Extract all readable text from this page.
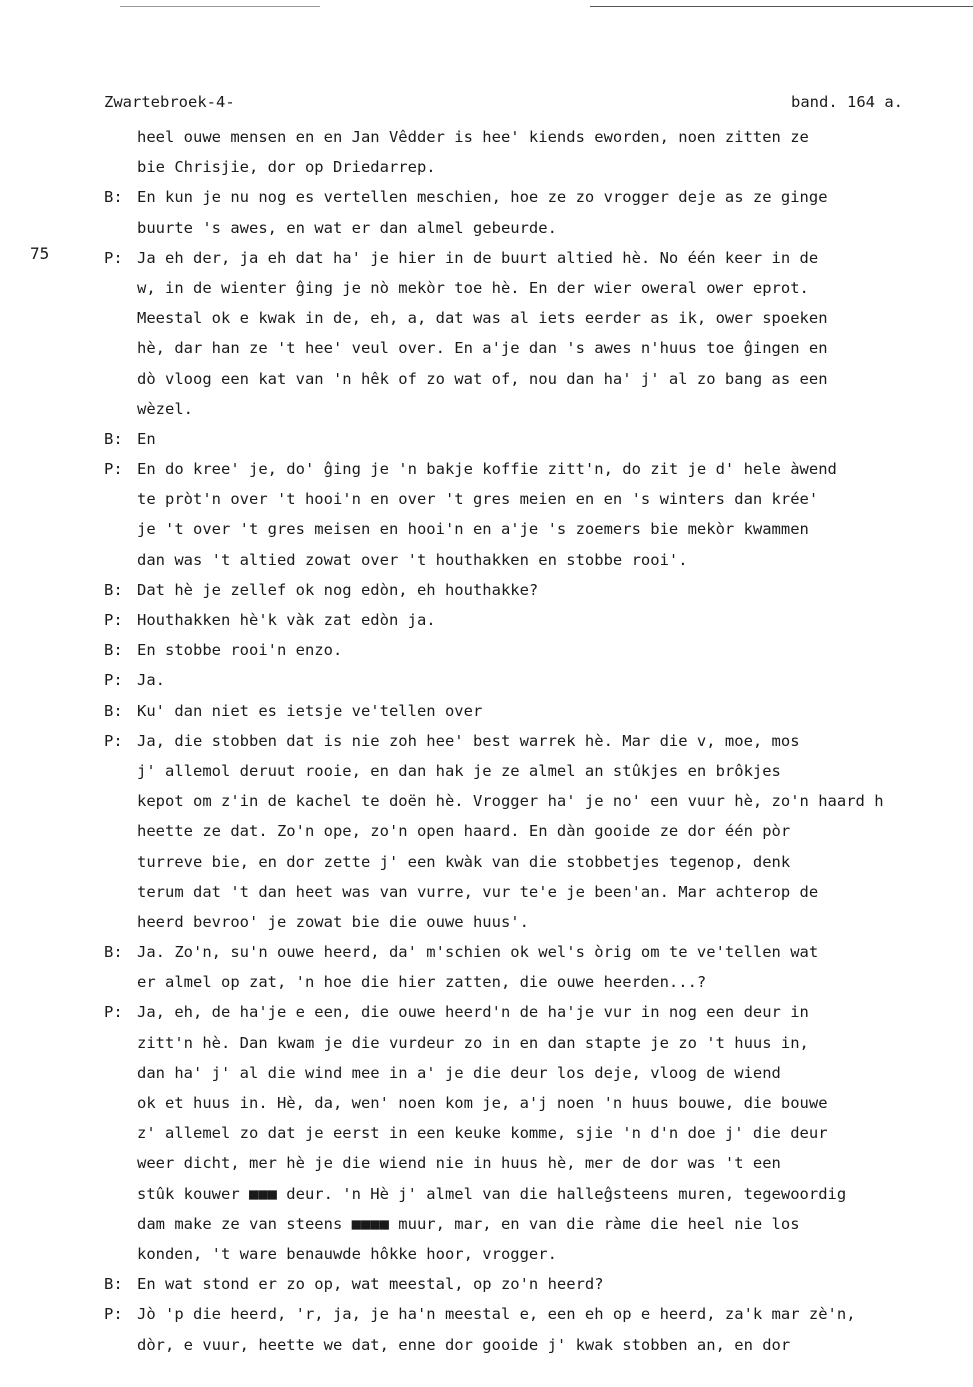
Zwartebroek-4-	band. 164 a.
75
heel ouwe mensen en en Jan Vêdder is hee' kiends eworden, noen zitten ze
bie Chrisjie, dor op Driedarrep.
B: En kun je nu nog es vertellen meschien, hoe ze zo vrogger deje as ze ginge
buurte 's awes, en wat er dan almel gebeurde.
P: Ja eh der, ja eh dat ha' je hier in de buurt altied hè. No één keer in de
w, in de wienter ĝing je nò mekòr toe hè. En der wier oweral ower eprot.
Meestal ok e kwak in de, eh, a, dat was al iets eerder as ik, ower spoeken
hè, dar han ze 't hee' veul over. En a'je dan 's awes n'huus toe ĝingen en
dò vloog een kat van 'n hêk of zo wat of, nou dan ha' j' al zo bang as een
wèzel.
B: En
P: En do kree' je, do' ĝing je 'n bakje koffie zitt'n, do zit je d' hele àwend
te pròt'n over 't hooi'n en over 't gres meien en en 's winters dan krée'
je 't over 't gres meisen en hooi'n en a'je 's zoemers bie mekòr kwammen
dan was 't altied zowat over 't houthakken en stobbe rooi'.
B: Dat hè je zellef ok nog edòn, eh houthakke?
P: Houthakken hè'k vàk zat edòn ja.
B: En stobbe rooi'n enzo.
P: Ja.
B: Ku' dan niet es ietsje ve'tellen over
P: Ja, die stobben dat is nie zoh hee' best warrek hè. Mar die v, moe, mos
j' allemol deruut rooie, en dan hak je ze almel an stûkjes en brôkjes
kepot om z'in de kachel te doën hè. Vrogger ha' je no' een vuur hè, zo'n haard h
heette ze dat. Zo'n ope, zo'n open haard. En dàn gooide ze dor één pòr
turreve bie, en dor zette j' een kwàk van die stobbetjes tegenop, denk
terum dat 't dan heet was van vurre, vur te'e je been'an. Mar achterop de
heerd bevroo' je zowat bie die ouwe huus'.
B: Ja. Zo'n, su'n ouwe heerd, da' m'schien ok wel's òrig om te ve'tellen wat
er almel op zat, 'n hoe die hier zatten, die ouwe heerden...?
P: Ja, eh, de ha'je e een, die ouwe heerd'n de ha'je vur in nog een deur in
zitt'n hè. Dan kwam je die vurdeur zo in en dan stapte je zo 't huus in,
dan ha' j' al die wind mee in a' je die deur los deje, vloog de wiend
ok et huus in. Hè, da, wen' noen kom je, a'j noen 'n huus bouwe, die bouwe
z' allemel zo dat je eerst in een keuke komme, sjie 'n d'n doe j' die deur
weer dicht, mer hè je die wiend nie in huus hè, mer de dor was 't een
stûk kouwer ■■■ deur. 'n Hè j' almel van die halleĝsteens muren, tegewoordig
dam make ze van steens ■■■■ muur, mar, en van die ràme die heel nie los
konden, 't ware benauwde hôkke hoor, vrogger.
B: En wat stond er zo op, wat meestal, op zo'n heerd?
P: Jò 'p die heerd, 'r, ja, je ha'n meestal e, een eh op e heerd, za'k mar zè'n,
dòr, e vuur, heette we dat, enne dor gooide j' kwak stobben an, en dor
